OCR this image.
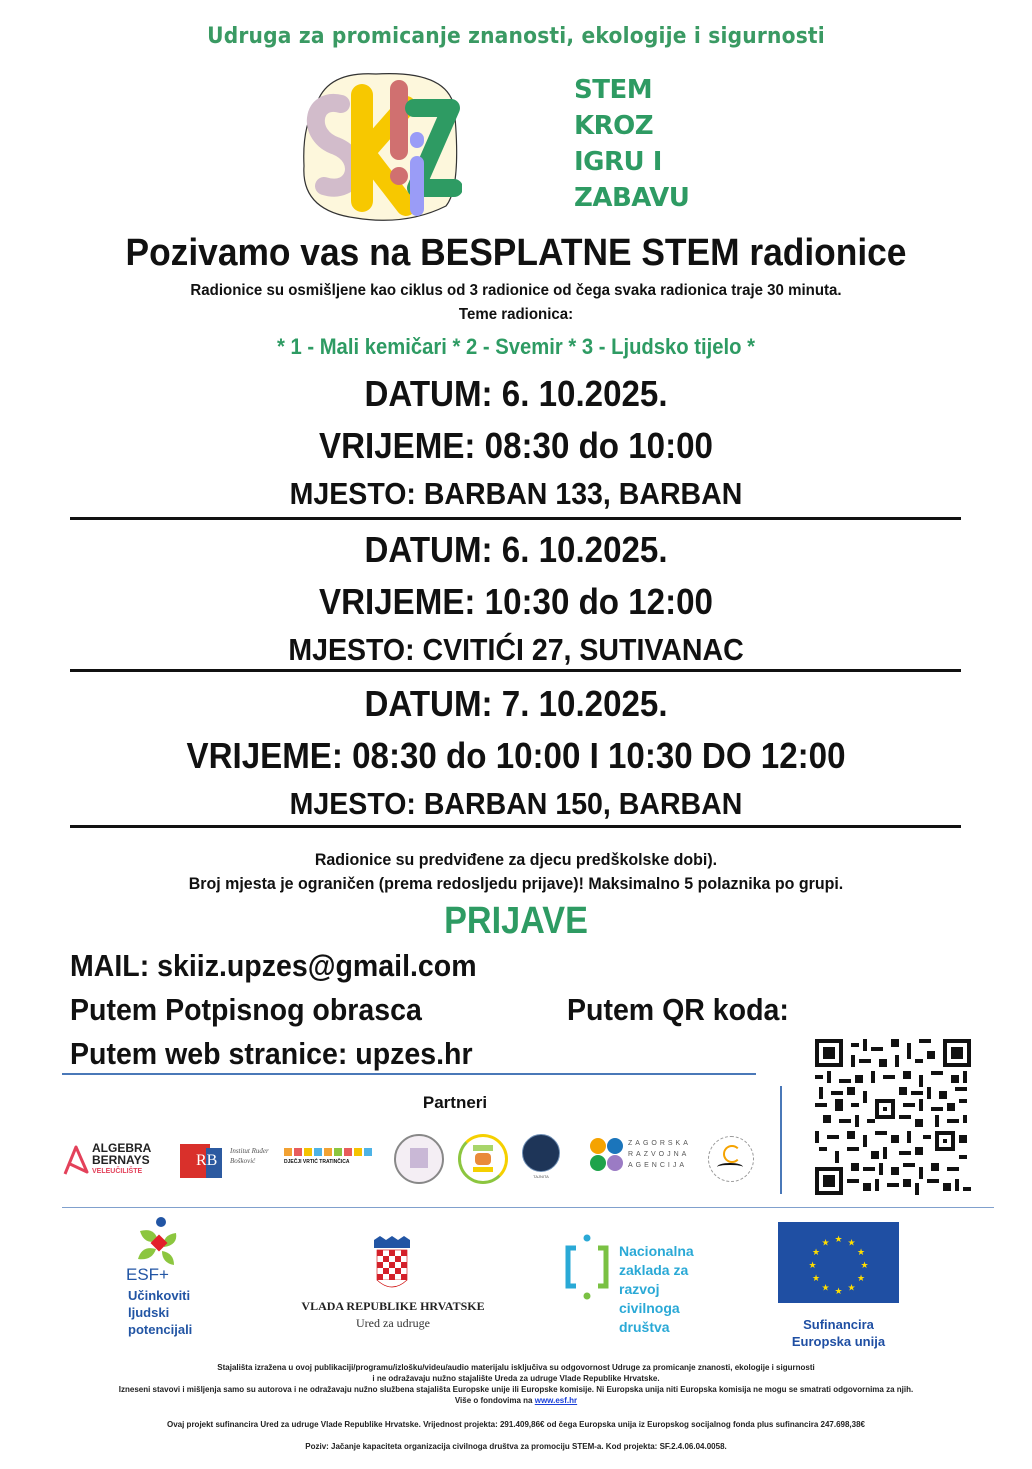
Udruga za promicanje znanosti, ekologije i sigurnosti
STEM
KROZ
IGRU I
ZABAVU
Pozivamo vas na BESPLATNE STEM radionice
Radionice su osmišljene kao ciklus od 3 radionice od čega svaka radionica traje 30 minuta.
Teme radionica:
* 1 - Mali kemičari * 2 - Svemir * 3 - Ljudsko tijelo *
DATUM: 6. 10.2025.
VRIJEME: 08:30 do 10:00
MJESTO: BARBAN 133, BARBAN
DATUM: 6. 10.2025.
VRIJEME: 10:30 do 12:00
MJESTO: CVITIĆI 27, SUTIVANAC
DATUM: 7. 10.2025.
VRIJEME: 08:30 do 10:00 I 10:30 DO 12:00
MJESTO: BARBAN 150, BARBAN
Radionice su predviđene za djecu predškolske dobi).
Broj mjesta je ograničen (prema redosljedu prijave)! Maksimalno 5 polaznika po grupi.
PRIJAVE
MAIL: skiiz.upzes@gmail.com
Putem Potpisnog obrasca
Putem web stranice: upzes.hr
Putem QR koda:
Partneri
ALGEBRA BERNAYS
VELEUČILIŠTE
RB
Institut Ruđer Bošković	DJEČJI VRTIĆ TRATINČICA
TAJNITA
ZAGORSKA
RAZVOJNA
AGENCIJA
ESF+
Učinkoviti
ljudski
potencijali
VLADA REPUBLIKE HRVATSKE
Ured za udruge
Nacionalna
zaklada za
razvoj
civilnoga
društva
★ ★
★
★
★
★
★
★
★
★
★
★
Sufinancira
Europska unija
Stajališta izražena u ovoj publikaciji/programu/izlošku/videu/audio materijalu isključiva su odgovornost Udruge za promicanje znanosti, ekologije i sigurnosti
i ne odražavaju nužno stajalište Ureda za udruge Vlade Republike Hrvatske.
Izneseni stavovi i mišljenja samo su autorova i ne odražavaju nužno službena stajališta Europske unije ili Europske komisije. Ni Europska unija niti Europska komisija ne mogu se smatrati odgovornima za njih.
Više o fondovima na www.esf.hr
Ovaj projekt sufinancira Ured za udruge Vlade Republike Hrvatske. Vrijednost projekta: 291.409,86€ od čega Europska unija iz Europskog socijalnog fonda plus sufinancira 247.698,38€
Poziv: Jačanje kapaciteta organizacija civilnoga društva za promociju STEM-a. Kod projekta: SF.2.4.06.04.0058.
